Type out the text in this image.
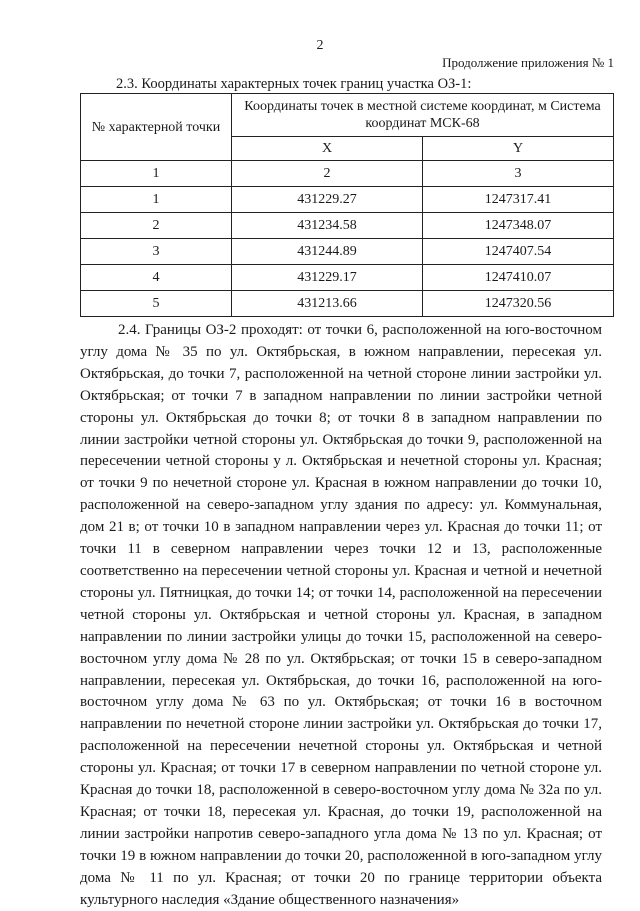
2
Продолжение приложения № 1
2.3. Координаты характерных точек границ участка ОЗ-1:
№ характерной точки	Координаты точек в местной системе координат, м Система координат МСК-68	
	X	Y
1	2	3
1	431229.27	1247317.41
2	431234.58	1247348.07
3	431244.89	1247407.54
4	431229.17	1247410.07
5	431213.66	1247320.56

2.4. Границы ОЗ-2 проходят: от точки 6, расположенной на юго-восточном углу дома № 35 по ул. Октябрьская, в южном направлении, пересекая ул. Октябрьская, до точки 7, расположенной на четной стороне линии застройки ул. Октябрьская; от точки 7 в западном направлении по линии застройки четной стороны ул. Октябрьская до точки 8; от точки 8 в западном направлении по линии застройки четной стороны ул. Октябрьская до точки 9, расположенной на пересечении четной стороны у л. Октябрьская и нечетной стороны ул. Красная; от точки 9 по нечетной стороне ул. Красная в южном направлении до точки 10, расположенной на северо-западном углу здания по адресу: ул. Коммунальная, дом 21 в; от точки 10 в западном направлении через ул. Красная до точки 11; от точки 11 в северном направлении через точки 12 и 13, расположенные соответственно на пересечении четной стороны ул. Красная и четной и нечетной стороны ул. Пятницкая, до точки 14; от точки 14, расположенной на пересечении четной стороны ул. Октябрьская и четной стороны ул. Красная, в западном направлении по линии застройки улицы до точки 15, расположенной на северо-восточном углу дома № 28 по ул. Октябрьская; от точки 15 в северо-западном направлении, пересекая ул. Октябрьская, до точки 16, расположенной на юго-восточном углу дома № 63 по ул. Октябрьская; от точки 16 в восточном направлении по нечетной стороне линии застройки ул. Октябрьская до точки 17, расположенной на пересечении нечетной стороны ул. Октябрьская и четной стороны ул. Красная; от точки 17 в северном направлении по четной стороне ул. Красная до точки 18, расположенной в северо-восточном углу дома № 32а по ул. Красная; от точки 18, пересекая ул. Красная, до точки 19, расположенной на линии застройки напротив северо-западного угла дома № 13 по ул. Красная; от точки 19 в южном направлении до точки 20, расположенной в юго-западном углу дома № 11 по ул. Красная; от точки 20 по границе территории объекта культурного наследия «Здание общественного назначения»
